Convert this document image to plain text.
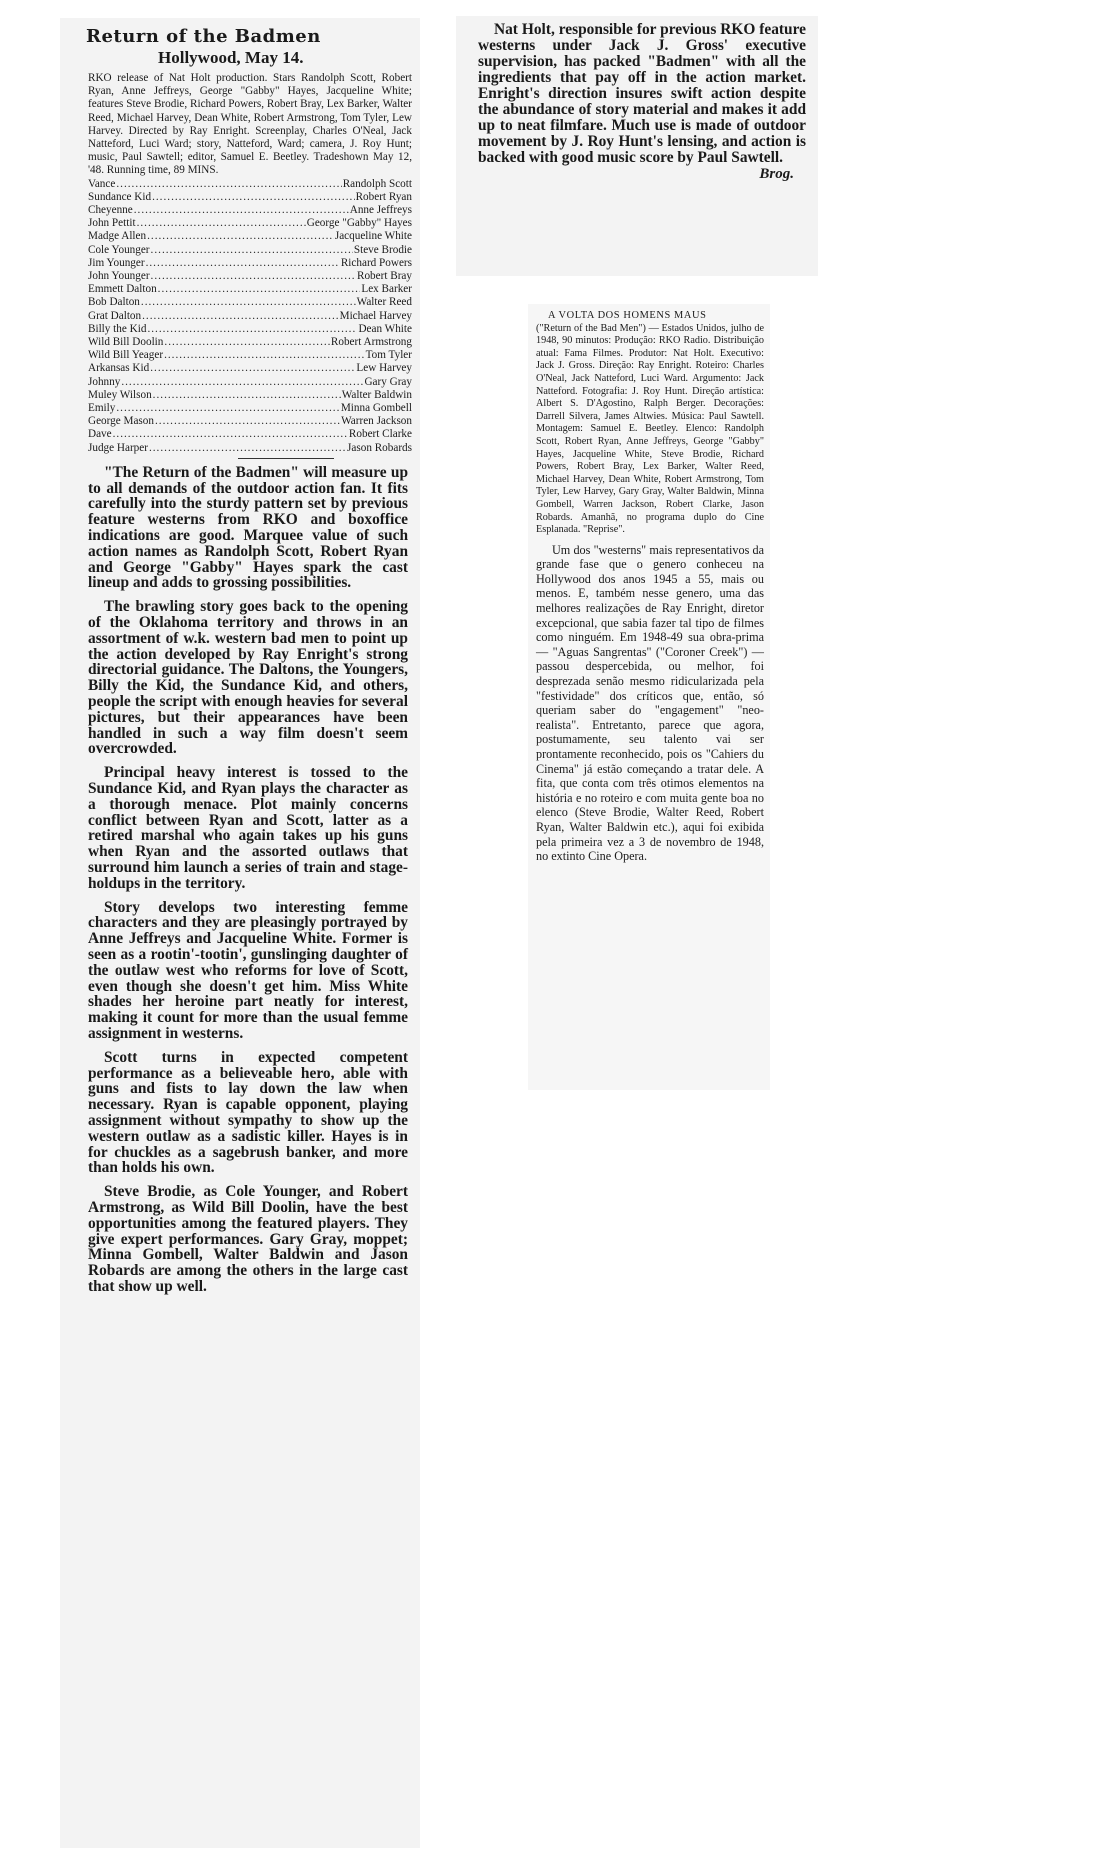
Return of the Badmen
Hollywood, May 14.
RKO release of Nat Holt production. Stars Randolph Scott, Robert Ryan, Anne Jeffreys, George "Gabby" Hayes, Jacqueline White; features Steve Brodie, Richard Powers, Robert Bray, Lex Barker, Walter Reed, Michael Harvey, Dean White, Robert Armstrong, Tom Tyler, Lew Harvey. Directed by Ray Enright. Screenplay, Charles O'Neal, Jack Natteford, Luci Ward; story, Natteford, Ward; camera, J. Roy Hunt; music, Paul Sawtell; editor, Samuel E. Beetley. Tradeshown May 12, '48. Running time, 89 MINS.
Vance .....	Randolph Scott
Sundance Kid .....	Robert Ryan
Cheyenne .....	Anne Jeffreys
John Pettit .....	George "Gabby" Hayes
Madge Allen .....	Jacqueline White
Cole Younger .....	Steve Brodie
Jim Younger .....	Richard Powers
John Younger .....	Robert Bray
Emmett Dalton .....	Lex Barker
Bob Dalton .....	Walter Reed
Grat Dalton .....	Michael Harvey
Billy the Kid .....	Dean White
Wild Bill Doolin .....	Robert Armstrong
Wild Bill Yeager .....	Tom Tyler
Arkansas Kid .....	Lew Harvey
Johnny .....	Gary Gray
Muley Wilson .....	Walter Baldwin
Emily .....	Minna Gombell
George Mason .....	Warren Jackson
Dave .....	Robert Clarke
Judge Harper .....	Jason Robards

"The Return of the Badmen" will measure up to all demands of the outdoor action fan. It fits carefully into the sturdy pattern set by previous feature westerns from RKO and boxoffice indications are good. Marquee value of such action names as Randolph Scott, Robert Ryan and George "Gabby" Hayes spark the cast lineup and adds to grossing possibilities.

The brawling story goes back to the opening of the Oklahoma territory and throws in an assortment of w.k. western bad men to point up the action developed by Ray Enright's strong directorial guidance. The Daltons, the Youngers, Billy the Kid, the Sundance Kid, and others, people the script with enough heavies for several pictures, but their appearances have been handled in such a way film doesn't seem overcrowded.

Principal heavy interest is tossed to the Sundance Kid, and Ryan plays the character as a thorough menace. Plot mainly concerns conflict between Ryan and Scott, latter as a retired marshal who again takes up his guns when Ryan and the assorted outlaws that surround him launch a series of train and stage-holdups in the territory.

Story develops two interesting femme characters and they are pleasingly portrayed by Anne Jeffreys and Jacqueline White. Former is seen as a rootin'-tootin', gunslinging daughter of the outlaw west who reforms for love of Scott, even though she doesn't get him. Miss White shades her heroine part neatly for interest, making it count for more than the usual femme assignment in westerns.

Scott turns in expected competent performance as a believeable hero, able with guns and fists to lay down the law when necessary. Ryan is capable opponent, playing assignment without sympathy to show up the western outlaw as a sadistic killer. Hayes is in for chuckles as a sagebrush banker, and more than holds his own.

Steve Brodie, as Cole Younger, and Robert Armstrong, as Wild Bill Doolin, have the best opportunities among the featured players. They give expert performances. Gary Gray, moppet; Minna Gombell, Walter Baldwin and Jason Robards are among the others in the large cast that show up well.

Nat Holt, responsible for previous RKO feature westerns under Jack J. Gross' executive supervision, has packed "Badmen" with all the ingredients that pay off in the action market. Enright's direction insures swift action despite the abundance of story material and makes it add up to neat filmfare. Much use is made of outdoor movement by J. Roy Hunt's lensing, and action is backed with good music score by Paul Sawtell.

Brog.

A VOLTA DOS HOMENS MAUS

("Return of the Bad Men") — Estados Unidos, julho de 1948, 90 minutos: Produção: RKO Radio. Distribuição atual: Fama Filmes. Produtor: Nat Holt. Executivo: Jack J. Gross. Direção: Ray Enright. Roteiro: Charles O'Neal, Jack Natteford, Luci Ward. Argumento: Jack Natteford. Fotografia: J. Roy Hunt. Direção artística: Albert S. D'Agostino, Ralph Berger. Decorações: Darrell Silvera, James Altwies. Música: Paul Sawtell. Montagem: Samuel E. Beetley. Elenco: Randolph Scott, Robert Ryan, Anne Jeffreys, George "Gabby" Hayes, Jacqueline White, Steve Brodie, Richard Powers, Robert Bray, Lex Barker, Walter Reed, Michael Harvey, Dean White, Robert Armstrong, Tom Tyler, Lew Harvey, Gary Gray, Walter Baldwin, Minna Gombell, Warren Jackson, Robert Clarke, Jason Robards. Amanhã, no programa duplo do Cine Esplanada. "Reprise".

Um dos "westerns" mais representativos da grande fase que o genero conheceu na Hollywood dos anos 1945 a 55, mais ou menos. E, também nesse genero, uma das melhores realizações de Ray Enright, diretor excepcional, que sabia fazer tal tipo de filmes como ninguém. Em 1948-49 sua obra-prima — "Aguas Sangrentas" ("Coroner Creek") — passou despercebida, ou melhor, foi desprezada senão mesmo ridicularizada pela "festividade" dos críticos que, então, só queriam saber do "engagement" "neo-realista". Entretanto, parece que agora, postumamente, seu talento vai ser prontamente reconhecido, pois os "Cahiers du Cinema" já estão começando a tratar dele. A fita, que conta com três otimos elementos na história e no roteiro e com muita gente boa no elenco (Steve Brodie, Walter Reed, Robert Ryan, Walter Baldwin etc.), aqui foi exibida pela primeira vez a 3 de novembro de 1948, no extinto Cine Opera.
